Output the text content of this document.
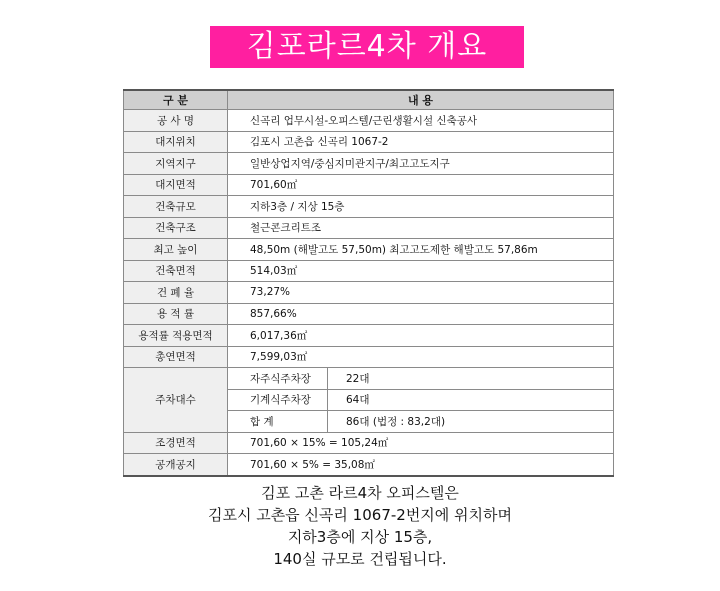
김포라르4차 개요
구 분	내 용	
공 사 명	신곡리 업무시설-오피스텔/근린생활시설 신축공사	
대지위치	김포시 고촌읍 신곡리 1067-2	
지역지구	일반상업지역/중심지미관지구/최고고도지구	
대지면적	701,60㎡	
건축규모	지하3층 / 지상 15층	
건축구조	철근콘크리트조	
최고 높이	48,50m (해발고도 57,50m) 최고고도제한 해발고도 57,86m	
건축면적	514,03㎡	
건 폐 율	73,27%	
용 적 률	857,66%	
용적률 적용면적	6,017,36㎡	
총연면적	7,599,03㎡	
주차대수	자주식주차장	22대
	기계식주차장	64대
	합 계	86대 (법정 : 83,2대)
조경면적	701,60 × 15% = 105,24㎡	
공개공지	701,60 × 5% = 35,08㎡	
김포 고촌 라르4차 오피스텔은
김포시 고촌읍 신곡리 1067-2번지에 위치하며
지하3층에 지상 15층,
140실 규모로 건립됩니다.
